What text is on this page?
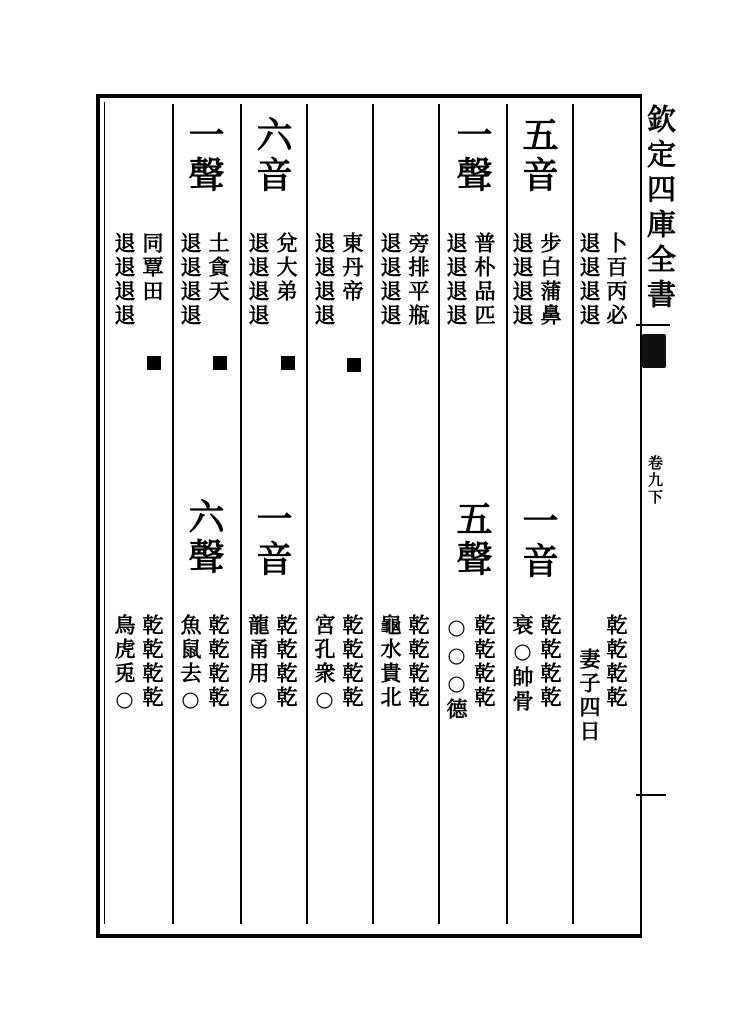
欽定四庫全書
卷九下
卜百丙必
退退退退
乾乾乾乾
妻子四日
五音
步白蒲鼻
退退退退
一音
乾乾乾乾
衰○帥骨
一聲
普朴品匹
退退退退
五聲
乾乾乾乾
○○○德
旁排平瓶
退退退退
乾乾乾乾
龜水貴北
東丹帝
退退退退
乾乾乾乾
宮孔衆○
六音
兌大弟
退退退退
一音
乾乾乾乾
龍甬用○
一聲
土貪天
退退退退
六聲
乾乾乾乾
魚鼠去○
同覃田
退退退退
乾乾乾乾
鳥虎兎○
